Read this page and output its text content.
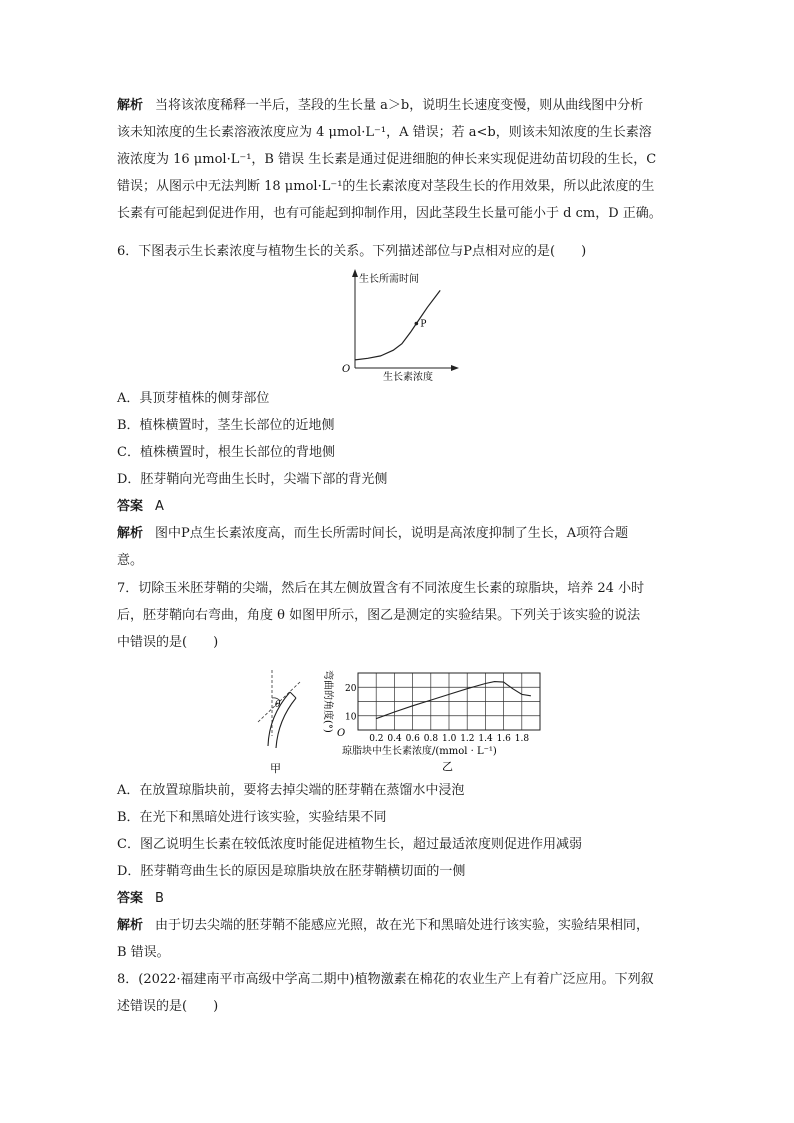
解析 当将该浓度稀释一半后，茎段的生长量 a＞b，说明生长速度变慢，则从曲线图中分析
该未知浓度的生长素溶液浓度应为 4 μmol·L⁻¹，A 错误；若 a<b，则该未知浓度的生长素溶
液浓度为 16 μmol·L⁻¹，B 错误 生长素是通过促进细胞的伸长来实现促进幼苗切段的生长，C
错误；从图示中无法判断 18 μmol·L⁻¹的生长素浓度对茎段生长的作用效果，所以此浓度的生
长素有可能起到促进作用，也有可能起到抑制作用，因此茎段生长量可能小于 d cm，D 正确。
6．下图表示生长素浓度与植物生长的关系。下列描述部位与P点相对应的是(　　)
生长所需时间
生长素浓度
O
P
A．具顶芽植株的侧芽部位
B．植株横置时，茎生长部位的近地侧
C．植株横置时，根生长部位的背地侧
D．胚芽鞘向光弯曲生长时，尖端下部的背光侧
答案 A
解析 图中P点生长素浓度高，而生长所需时间长，说明是高浓度抑制了生长，A项符合题
意。
7．切除玉米胚芽鞘的尖端，然后在其左侧放置含有不同浓度生长素的琼脂块，培养 24 小时
后，胚芽鞘向右弯曲，角度 θ 如图甲所示，图乙是测定的实验结果。下列关于该实验的说法
中错误的是(　　)
θ
甲
0.2 0.4 0.6 0.8 1.0 1.2 1.4 1.6 1.8
10
20
O
弯曲的角度(°)
琼脂块中生长素浓度/(mmol · L⁻¹)
乙
A．在放置琼脂块前，要将去掉尖端的胚芽鞘在蒸馏水中浸泡
B．在光下和黑暗处进行该实验，实验结果不同
C．图乙说明生长素在较低浓度时能促进植物生长，超过最适浓度则促进作用减弱
D．胚芽鞘弯曲生长的原因是琼脂块放在胚芽鞘横切面的一侧
答案 B
解析 由于切去尖端的胚芽鞘不能感应光照，故在光下和黑暗处进行该实验，实验结果相同，
B 错误。
8．(2022·福建南平市高级中学高二期中)植物激素在棉花的农业生产上有着广泛应用。下列叙
述错误的是(　　)
